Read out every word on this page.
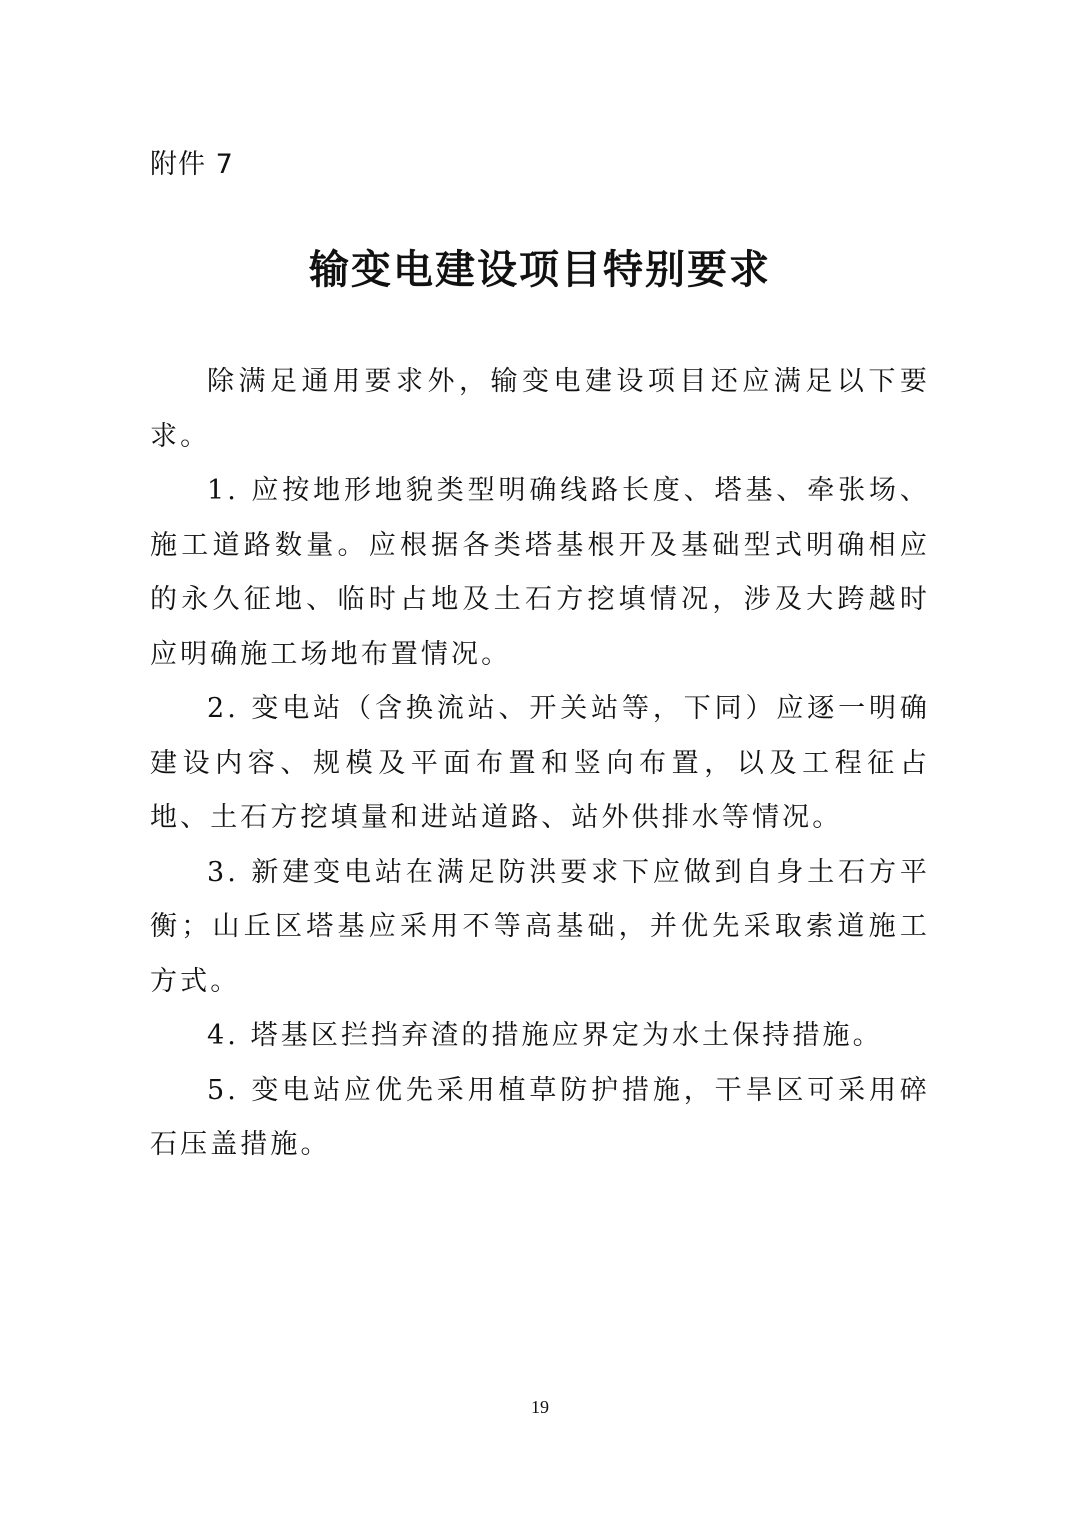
附件 7
输变电建设项目特别要求

除满足通用要求外，输变电建设项目还应满足以下要求。

1. 应按地形地貌类型明确线路长度、塔基、牵张场、施工道路数量。应根据各类塔基根开及基础型式明确相应的永久征地、临时占地及土石方挖填情况，涉及大跨越时应明确施工场地布置情况。

2. 变电站（含换流站、开关站等，下同）应逐一明确建设内容、规模及平面布置和竖向布置，以及工程征占地、土石方挖填量和进站道路、站外供排水等情况。

3. 新建变电站在满足防洪要求下应做到自身土石方平衡；山丘区塔基应采用不等高基础，并优先采取索道施工方式。

4. 塔基区拦挡弃渣的措施应界定为水土保持措施。

5. 变电站应优先采用植草防护措施，干旱区可采用碎石压盖措施。

19
